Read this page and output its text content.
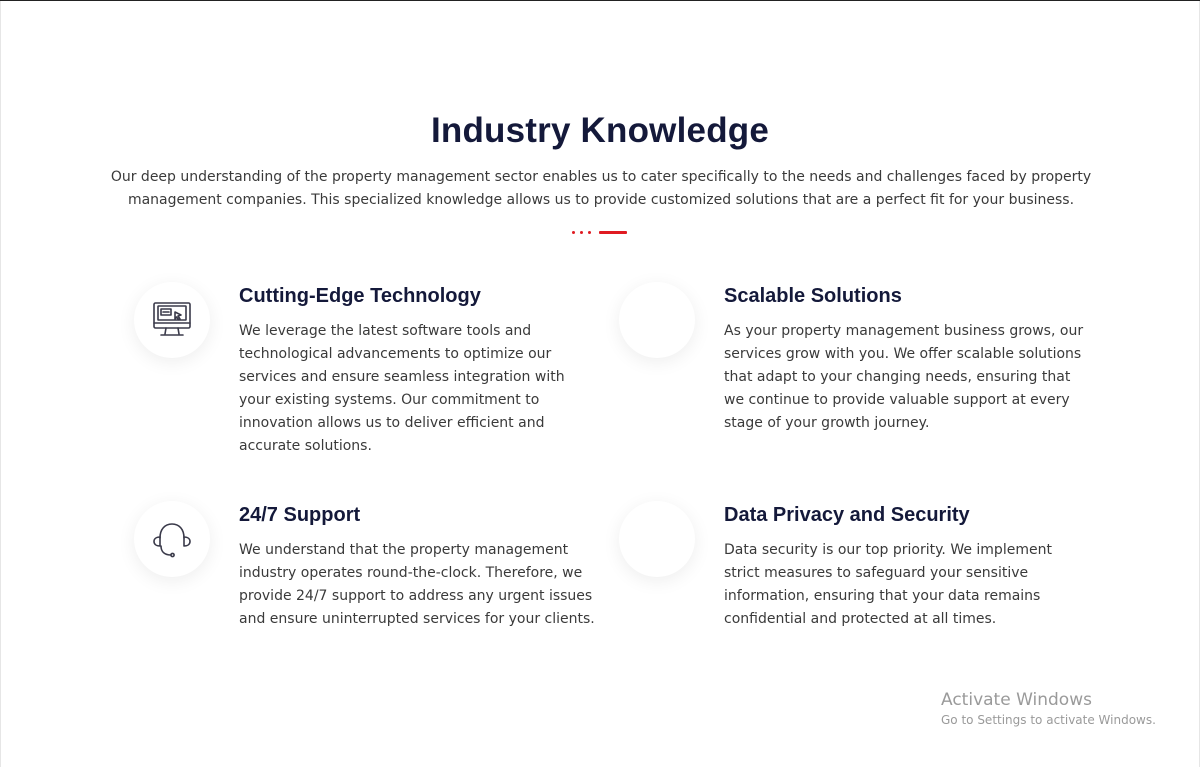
Industry Knowledge

Our deep understanding of the property management sector enables us to cater specifically to the needs and challenges faced by property management companies. This specialized knowledge allows us to provide customized solutions that are a perfect fit for your business.

Cutting-Edge Technology

We leverage the latest software tools and technological advancements to optimize our services and ensure seamless integration with your existing systems. Our commitment to innovation allows us to deliver efficient and accurate solutions.

Scalable Solutions

As your property management business grows, our services grow with you. We offer scalable solutions that adapt to your changing needs, ensuring that we continue to provide valuable support at every stage of your growth journey.

24/7 Support

We understand that the property management industry operates round-the-clock. Therefore, we provide 24/7 support to address any urgent issues and ensure uninterrupted services for your clients.

Data Privacy and Security

Data security is our top priority. We implement strict measures to safeguard your sensitive information, ensuring that your data remains confidential and protected at all times.

Activate Windows
Go to Settings to activate Windows.
